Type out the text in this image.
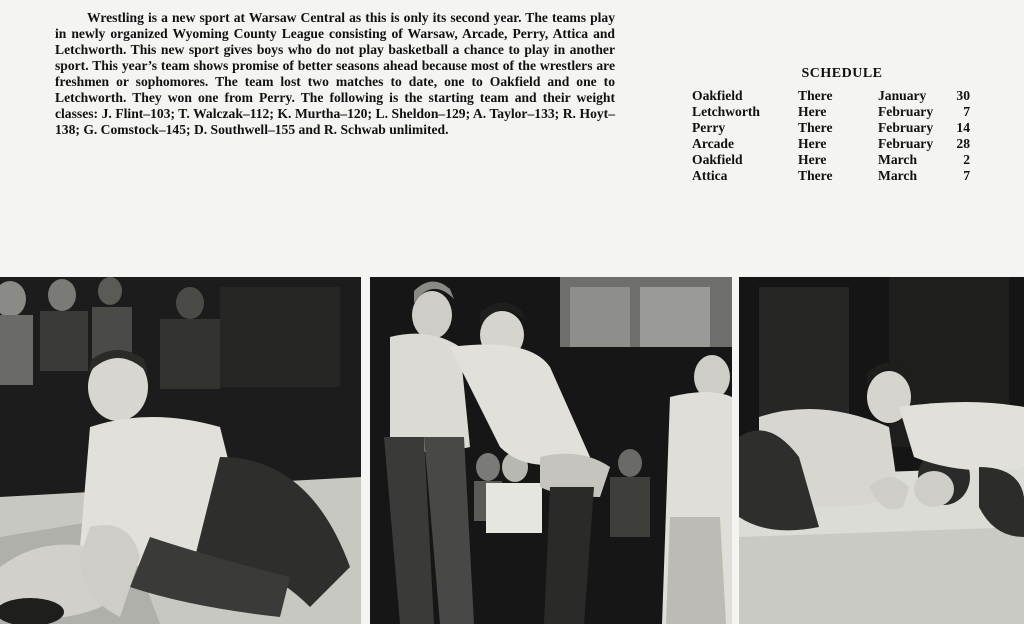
Wrestling is a new sport at Warsaw Central as this is only its second year. The teams play in newly organized Wyoming County League consisting of Warsaw, Arcade, Perry, Attica and Letchworth. This new sport gives boys who do not play basketball a chance to play in another sport. This year’s team shows promise of better seasons ahead because most of the wrestlers are freshmen or sophomores. The team lost two matches to date, one to Oakfield and one to Letchworth. They won one from Perry. The following is the starting team and their weight classes: J. Flint–103; T. Walczak–112; K. Murtha–120; L. Sheldon–129; A. Taylor–133; R. Hoyt–138; G. Comstock–145; D. Southwell–155 and R. Schwab unlimited.

SCHEDULE
Oakfield	There	January	30
Letchworth	Here	February	7
Perry	There	February	14
Arcade	Here	February	28
Oakfield	Here	March	2
Attica	There	March	7
